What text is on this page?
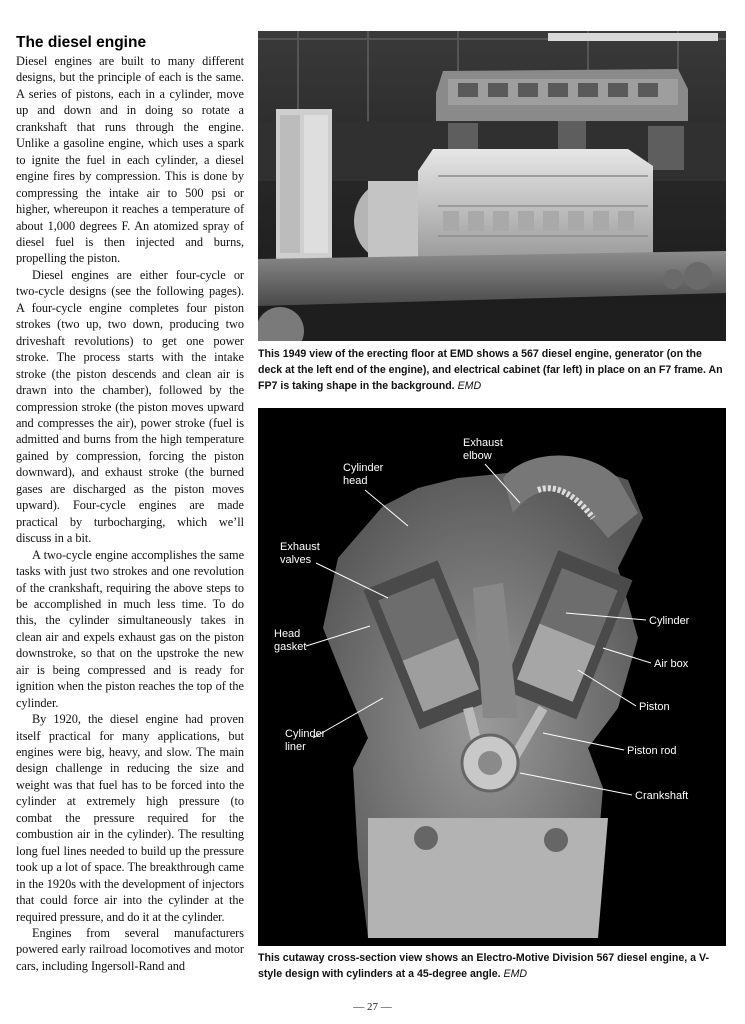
The diesel engine

Diesel engines are built to many different designs, but the principle of each is the same. A series of pistons, each in a cylinder, move up and down and in doing so rotate a crankshaft that runs through the engine. Unlike a gasoline engine, which uses a spark to ignite the fuel in each cylinder, a diesel engine fires by compression. This is done by compressing the intake air to 500 psi or higher, whereupon it reaches a temperature of about 1,000 degrees F. An atomized spray of diesel fuel is then injected and burns, propelling the piston.

Diesel engines are either four-cycle or two-cycle designs (see the following pages). A four-cycle engine completes four piston strokes (two up, two down, producing two driveshaft revolutions) to get one power stroke. The process starts with the intake stroke (the piston descends and clean air is drawn into the chamber), followed by the compression stroke (the piston moves upward and compresses the air), power stroke (fuel is admitted and burns from the high temperature gained by compression, forcing the piston downward), and exhaust stroke (the burned gases are discharged as the piston moves upward). Four-cycle engines are made practical by turbocharging, which we’ll discuss in a bit.

A two-cycle engine accomplishes the same tasks with just two strokes and one revolution of the crankshaft, requiring the above steps to be accomplished in much less time. To do this, the cylinder simultaneously takes in clean air and expels exhaust gas on the piston downstroke, so that on the upstroke the new air is being compressed and is ready for ignition when the piston reaches the top of the cylinder.

By 1920, the diesel engine had proven itself practical for many applications, but engines were big, heavy, and slow. The main design challenge in reducing the size and weight was that fuel has to be forced into the cylinder at extremely high pressure (to combat the pressure required for the combustion air in the cylinder). The resulting long fuel lines needed to build up the pressure took up a lot of space. The breakthrough came in the 1920s with the development of injectors that could force air into the cylinder at the required pressure, and do it at the cylinder.

Engines from several manufacturers powered early railroad locomotives and motor cars, including Ingersoll-Rand and

This 1949 view of the erecting floor at EMD shows a 567 diesel engine, generator (on the deck at the left end of the engine), and electrical cabinet (far left) in place on an F7 frame. An FP7 is taking shape in the background. EMD
Exhaust
elbow
Cylinder
head
Exhaust
valves
Head
gasket
Cylinder
liner
Cylinder
Air box
Piston
Piston rod
Crankshaft
This cutaway cross-section view shows an Electro-Motive Division 567 diesel engine, a V-style design with cylinders at a 45-degree angle. EMD
— 27 —
